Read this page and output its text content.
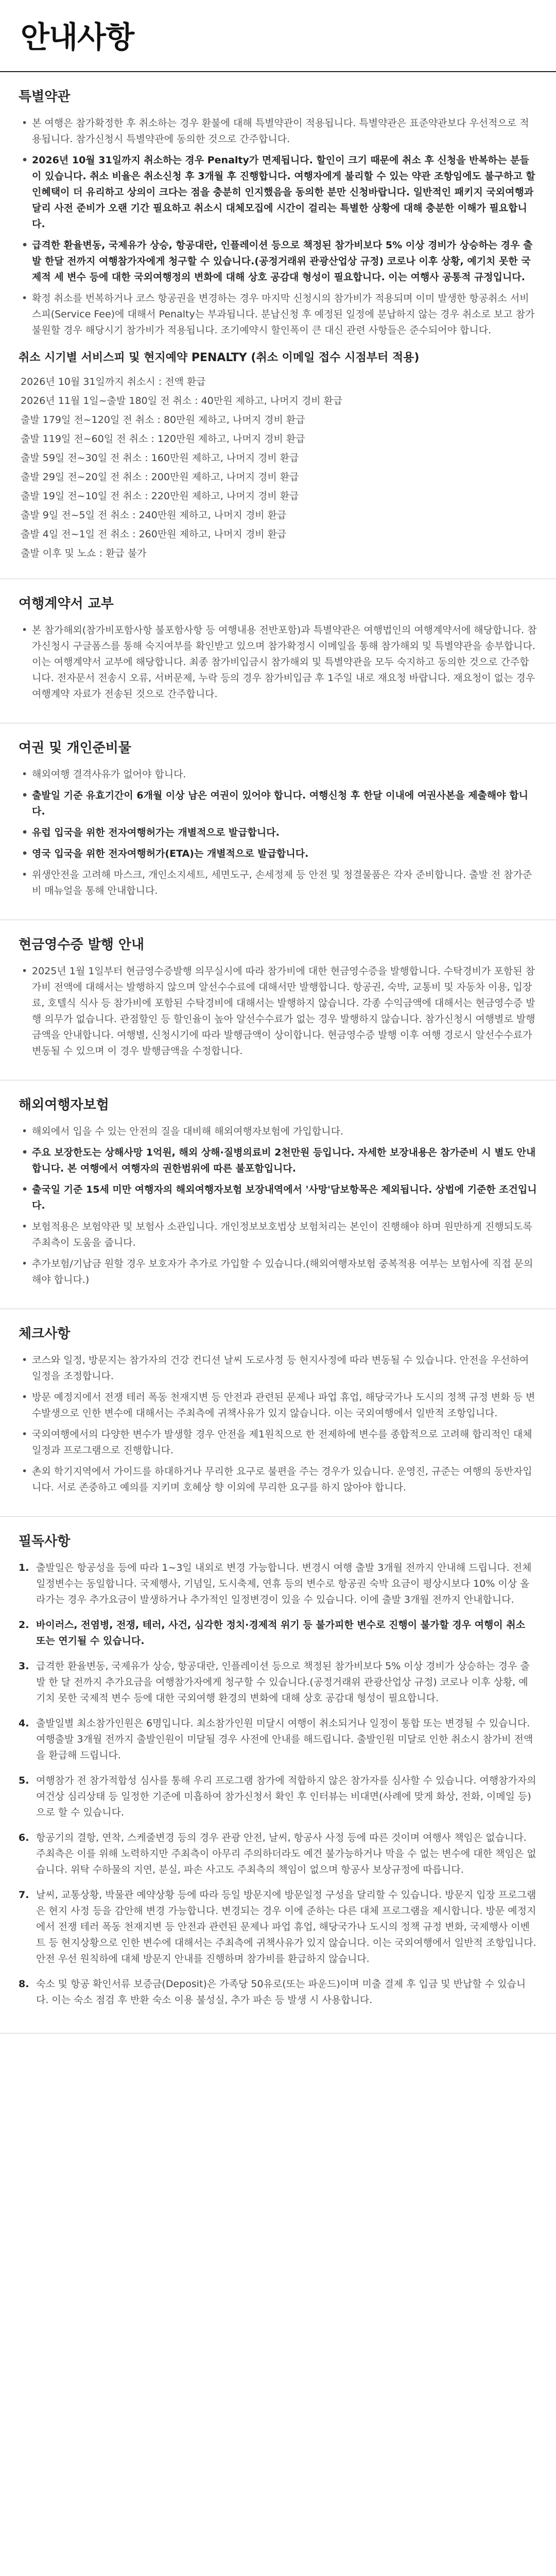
안내사항
특별약관
• 본 여행은 참가확정한 후 취소하는 경우 환불에 대해 특별약관이 적용됩니다. 특별약관은 표준약관보다 우선적으로 적용됩니다. 참가신청시 특별약관에 동의한 것으로 간주합니다.
• 2026년 10월 31일까지 취소하는 경우 Penalty가 면제됩니다. 할인이 크기 때문에 취소 후 신청을 반복하는 분들이 있습니다. 취소 비율은 취소신청 후 3개월 후 진행합니다. 여행자에게 불리할 수 있는 약관 조항임에도 불구하고 할인혜택이 더 유리하고 상의이 크다는 점을 충분히 인지했음을 동의한 분만 신청바랍니다. 일반적인 패키지 국외여행과 달리 사전 준비가 오랜 기간 필요하고 취소시 대체모집에 시간이 걸리는 특별한 상황에 대해 충분한 이해가 필요합니다.
• 급격한 환율변동, 국제유가 상승, 항공대란, 인플레이션 등으로 책정된 참가비보다 5% 이상 경비가 상승하는 경우 출발 한달 전까지 여행참가자에게 청구할 수 있습니다.(공정거래위 관광산업상 규정) 코로나 이후 상황, 예기치 못한 국제적 세 변수 등에 대한 국외여행정의 변화에 대해 상호 공감대 형성이 필요합니다. 이는 여행사 공통적 규정입니다.
• 확정 취소를 번복하거나 코스 항공권을 변경하는 경우 마지막 신청시의 참가비가 적용되며 이미 발생한 항공취소 서비스피(Service Fee)에 대해서 Penalty는 부과됩니다. 분납신청 후 예정된 일정에 분납하지 않는 경우 취소로 보고 참가불원할 경우 해당시기 참가비가 적용됩니다. 조기예약시 할인폭이 큰 대신 관련 사항들은 준수되어야 합니다.
취소 시기별 서비스피 및 현지예약 PENALTY (취소 이메일 접수 시점부터 적용)
2026년 10월 31일까지 취소시 : 전액 환급
2026년 11월 1일~출발 180일 전 취소 : 40만원 제하고, 나머지 경비 환급
출발 179일 전~120일 전 취소 : 80만원 제하고, 나머지 경비 환급
출발 119일 전~60일 전 취소 : 120만원 제하고, 나머지 경비 환급
출발 59일 전~30일 전 취소 : 160만원 제하고, 나머지 경비 환급
출발 29일 전~20일 전 취소 : 200만원 제하고, 나머지 경비 환급
출발 19일 전~10일 전 취소 : 220만원 제하고, 나머지 경비 환급
출발 9일 전~5일 전 취소 : 240만원 제하고, 나머지 경비 환급
출발 4일 전~1일 전 취소 : 260만원 제하고, 나머지 경비 환급
출발 이후 및 노쇼 : 환급 불가
여행계약서 교부
• 본 참가해외(참가비포함사항 불포함사항 등 여행내용 전반포함)과 특별약관은 여행법인의 여행계약서에 해당합니다. 참가신청시 구글폼스를 통해 숙지여부를 확인받고 있으며 참가확정시 이메일을 통해 참가해외 및 특별약관을 송부합니다. 이는 여행계약서 교부에 해당합니다. 최종 참가비입금시 참가해외 및 특별약관을 모두 숙지하고 동의한 것으로 간주합니다. 전자문서 전송시 오류, 서버문제, 누락 등의 경우 참가비입금 후 1주일 내로 재요청 바랍니다. 재요청이 없는 경우 여행계약 자료가 전송된 것으로 간주합니다.
여권 및 개인준비물
• 해외여행 결격사유가 없어야 합니다.
• 출발일 기준 유효기간이 6개월 이상 남은 여권이 있어야 합니다. 여행신청 후 한달 이내에 여권사본을 제출해야 합니다.
• 유럽 입국을 위한 전자여행허가는 개별적으로 발급합니다.
• 영국 입국을 위한 전자여행허가(ETA)는 개별적으로 발급합니다.
• 위생안전을 고려해 마스크, 개인소지세트, 세면도구, 손세정제 등 안전 및 청결물품은 각자 준비합니다. 출발 전 참가준비 매뉴얼을 통해 안내합니다.
현금영수증 발행 안내
• 2025년 1월 1일부터 현금영수증발행 의무실시에 따라 참가비에 대한 현금영수증을 발행합니다. 수탁경비가 포함된 참가비 전액에 대해서는 발행하지 않으며 알선수수료에 대해서만 발행합니다. 항공권, 숙박, 교통비 및 자동차 이용, 입장료, 호텔식 식사 등 참가비에 포함된 수탁경비에 대해서는 발행하지 않습니다. 각종 수익금액에 대해서는 현금영수증 발행 의무가 없습니다. 관점할인 등 할인율이 높아 알선수수료가 없는 경우 발행하지 않습니다. 참가신청시 여행별로 발행금액을 안내합니다. 여행별, 신청시기에 따라 발행금액이 상이합니다. 현금영수증 발행 이후 여행 경로시 알선수수료가 변동될 수 있으며 이 경우 발행금액을 수정합니다.
해외여행자보험
• 해외에서 입을 수 있는 안전의 질을 대비해 해외여행자보험에 가입합니다.
• 주요 보장한도는 상해사망 1억원, 해외 상해·질병의료비 2천만원 등입니다. 자세한 보장내용은 참가준비 시 별도 안내합니다. 본 여행에서 여행자의 권한범위에 따른 불포함입니다.
• 출국일 기준 15세 미만 여행자의 해외여행자보험 보장내역에서 '사망'담보항목은 제외됩니다. 상법에 기준한 조건입니다.
• 보험적용은 보험약관 및 보험사 소관입니다. 개인정보보호법상 보험처리는 본인이 진행해야 하며 원만하게 진행되도록 주최측이 도움을 줍니다.
• 추가보험/기납금 원할 경우 보호자가 추가로 가입할 수 있습니다.(해외여행자보험 중복적용 여부는 보험사에 직접 문의해야 합니다.)
체크사항
• 코스와 일정, 방문지는 참가자의 건강 컨디션 날씨 도로사정 등 현지사정에 따라 변동될 수 있습니다. 안전을 우선하여 일정을 조정합니다.
• 방문 예정지에서 전쟁 테러 폭동 천재지변 등 안전과 관련된 문제나 파업 휴업, 해당국가나 도시의 정책 규정 변화 등 변수발생으로 인한 변수에 대해서는 주최측에 귀책사유가 있지 않습니다. 이는 국외여행에서 일반적 조항입니다.
• 국외여행에서의 다양한 변수가 발생할 경우 안전을 제1원칙으로 한 전제하에 변수를 종합적으로 고려해 합리적인 대체 일정과 프로그램으로 진행합니다.
• 촌외 학기지역에서 가이드를 하대하거나 무리한 요구로 불편을 주는 경우가 있습니다. 운영진, 규준는 여행의 동반자입니다. 서로 존중하고 예의를 지키며 호혜상 향 이외에 무리한 요구를 하지 않아야 합니다.
필독사항
1. 출발일은 항공성을 등에 따라 1~3일 내외로 변경 가능합니다. 변경시 여행 출발 3개월 전까지 안내해 드립니다. 전체 일정변수는 동일합니다. 국제행사, 기념일, 도시축제, 연휴 등의 변수로 항공권 숙박 요금이 평상시보다 10% 이상 올라가는 경우 추가요금이 발생하거나 추가적인 일정변경이 있을 수 있습니다. 이에 출발 3개월 전까지 안내합니다.
2. 바이러스, 전염병, 전쟁, 테러, 사건, 심각한 정치·경제적 위기 등 불가피한 변수로 진행이 불가할 경우 여행이 취소 또는 연기될 수 있습니다.
3. 급격한 환율변동, 국제유가 상승, 항공대란, 인플레이션 등으로 책정된 참가비보다 5% 이상 경비가 상승하는 경우 출발 한 달 전까지 추가요금을 여행참가자에게 청구할 수 있습니다.(공정거래위 관광산업상 규정) 코로나 이후 상황, 예기치 못한 국제적 변수 등에 대한 국외여행 환경의 변화에 대해 상호 공감대 형성이 필요합니다.
4. 출발일별 최소참가인원은 6명입니다. 최소참가인원 미달시 여행이 취소되거나 일정이 통합 또는 변경될 수 있습니다. 여행출발 3개월 전까지 출발인원이 미달될 경우 사전에 안내를 해드립니다. 출발인원 미달로 인한 취소시 참가비 전액을 환급해 드립니다.
5. 여행참가 전 참가적합성 심사를 통해 우리 프로그램 참가에 적합하지 않은 참가자를 심사할 수 있습니다. 여행참가자의 여건상 심리상태 등 일정한 기준에 미흡하여 참가신청서 확인 후 인터뷰는 비대면(사례에 맞게 화상, 전화, 이메일 등)으로 할 수 있습니다.
6. 항공기의 결항, 연착, 스케줄변경 등의 경우 관광 안전, 날씨, 항공사 사정 등에 따른 것이며 여행사 책임은 없습니다. 주최측은 이를 위해 노력하지만 주최측이 아무리 주의하더라도 예견 불가능하거나 막을 수 없는 변수에 대한 책임은 없습니다. 위탁 수하물의 지연, 분실, 파손 사고도 주최측의 책임이 없으며 항공사 보상규정에 따릅니다.
7. 날씨, 교통상황, 박물관 예약상황 등에 따라 등일 방문지에 방문일정 구성을 달리할 수 있습니다. 방문지 입장 프로그램은 현지 사정 등을 감안해 변경 가능합니다. 변경되는 경우 이에 준하는 다른 대체 프로그램을 제시합니다. 방문 예정지에서 전쟁 테러 폭동 천재지변 등 안전과 관련된 문제나 파업 휴업, 해당국가나 도시의 정책 규정 변화, 국제행사 이벤트 등 현지상황으로 인한 변수에 대해서는 주최측에 귀책사유가 있지 않습니다. 이는 국외여행에서 일반적 조항입니다. 안전 우선 원칙하에 대체 방문지 안내를 진행하며 참가비를 환급하지 않습니다.
8. 숙소 및 항공 확인서류 보증금(Deposit)은 가족당 50유로(또는 파운드)이며 미출 결제 후 입금 및 반납할 수 있습니다. 이는 숙소 점검 후 반환 숙소 이용 불성실, 추가 파손 등 발생 시 사용합니다.
